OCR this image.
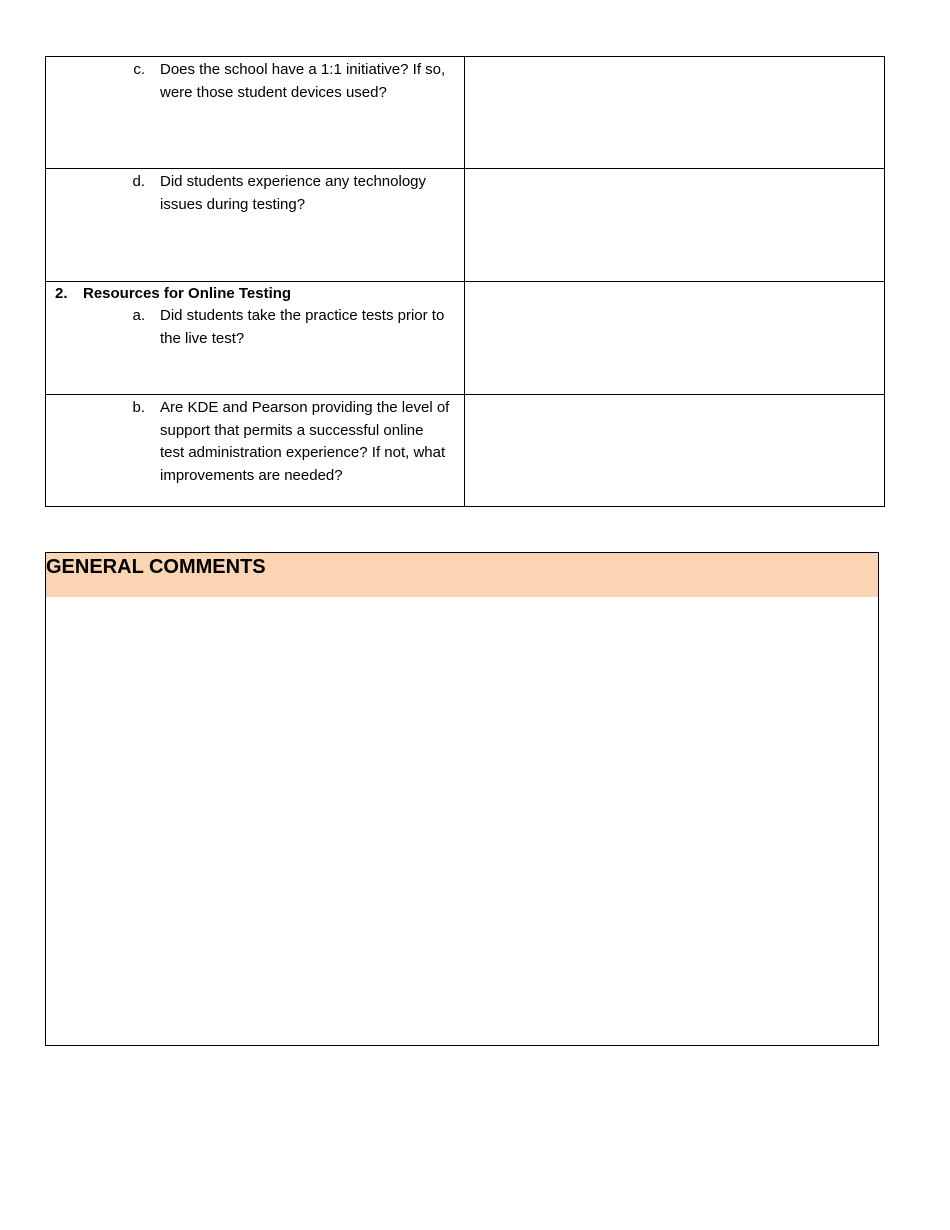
c. Does the school have a 1:1 initiative? If so, were those student devices used?	

d. Did students experience any technology issues during testing?	

2. Resources for Online Testing
a. Did students take the practice tests prior to the live test?	

b. Are KDE and Pearson providing the level of support that permits a successful online test administration experience? If not, what improvements are needed?	

GENERAL COMMENTS
